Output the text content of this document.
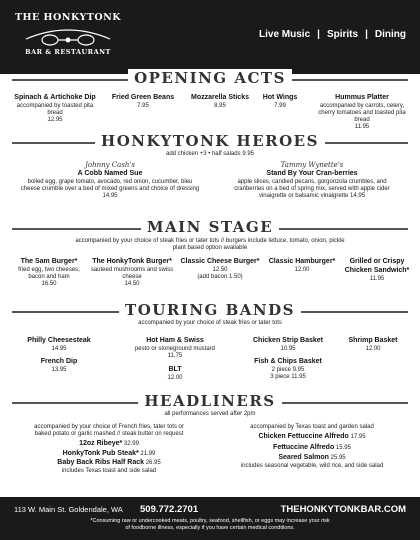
THE HONKYTONK
BAR & RESTAURANT
Live Music | Spirits | Dining
OPENING ACTS
Spinach & Artichoke Dip
accompanied by toasted pita bread
12.95
Fried Green Beans
7.95
Mozzarella Sticks
8.95
Hot Wings
7.99
Hummus Platter
accompanied by carrots, celery, cherry tomatoes and toasted pita bread
11.95
HONKYTONK HEROES
add chicken +3 • half salads 9.95
Johnny Cash's
A Cobb Named Sue
boiled egg, grape tomato, avocado, red onion, cucumber, bleu cheese crumble over a bed of mixed greens and choice of dressing 14.95
Tammy Wynette's
Stand By Your Cran-berries
apple slices, candied pecans, gorgonzola crumbles, and cranberries on a bed of spring mix, served with apple cider vinaigrette or balsamic vinaigrette 14.95
MAIN STAGE
accompanied by your choice of steak fries or tater tots // burgers include lettuce, tomato, onion, pickle
plant based option available
The Sam Burger*
fried egg, two cheeses, bacon and ham
16.50
The HonkyTonk Burger*
sauteed mushrooms and swiss cheese
14.50
Classic Cheese Burger*
12.50
(add bacon 1.50)
Classic Hamburger*
12.00
Grilled or Crispy
Chicken Sandwich*
11.95
TOURING BANDS
accompanied by your choice of steak fries or tater tots
Philly Cheesesteak
14.95
French Dip
13.95
Hot Ham & Swiss
pesto or stoneground mustard
11.75
BLT
12.00
Chicken Strip Basket
10.95
Fish & Chips Basket
2 piece 9.95
3 piece 11.95
Shrimp Basket
12.00
HEADLINERS
all performances served after 2pm
accompanied by your choice of French fries, tater tots or baked potato or garlic mashed // steak butter on request
12oz Ribeye* 32.99
HonkyTonk Pub Steak* 21.99
Baby Back Ribs Half Rack 26.95
includes Texas toast and side salad
accompanied by Texas toast and garden salad
Chicken Fettuccine Alfredo 17.95
Fettuccine Alfredo 15.95
Seared Salmon 25.95
includes seasonal vegetable, wild rice, and side salad
113 W. Main St. Goldendale, WA 509.772.2701	THEHONKYTONKBAR.COM
*Consuming raw or undercooked meats, poultry, seafood, shellfish, or eggs may increase your risk
of foodborne illness, especially if you have certain medical conditions.
